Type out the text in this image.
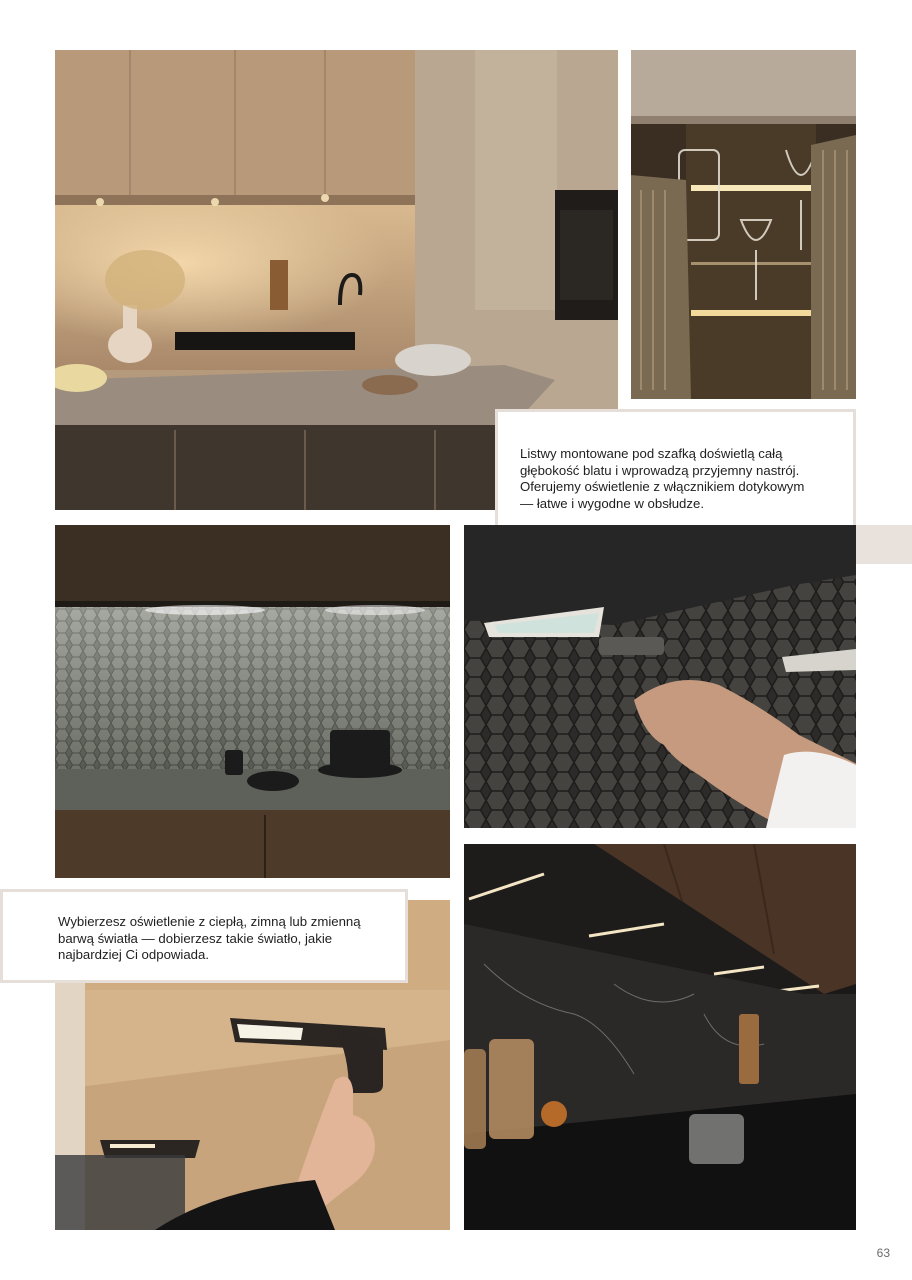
Listwy montowane pod szafką doświetlą całą

głębokość blatu i wprowadzą przyjemny nastrój.

Oferujemy oświetlenie z włącznikiem dotykowym

— łatwe i wygodne w obsłudze.

Wybierzesz oświetlenie z ciepłą, zimną lub zmienną

barwą światła — dobierzesz takie światło, jakie

najbardziej Ci odpowiada.

63
